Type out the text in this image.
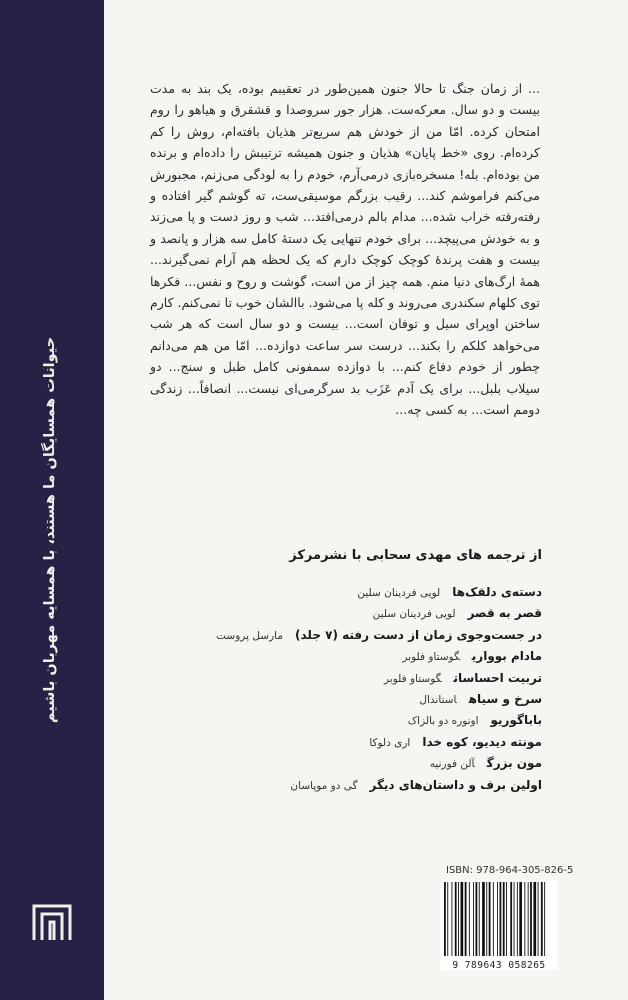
حیوانات همسایگان ما هستند، با همسایه مهربان باشیم

... از زمان جنگ تا حالا جنون همین‌طور در تعقیبم بوده، یک بند به مدت بیست و دو سال. معرکه‌ست. هزار جور سروصدا و قشقرق و هیاهو را روم امتحان کرده. امّا من از خودش هم سریع‌تر هذیان بافته‌ام، روش را کم کرده‌ام. روی «خط پایان» هذیان و جنون همیشه ترتیبش را داده‌ام و برنده من بوده‌ام. بله! مسخره‌بازی درمی‌آرم، خودم را به لودگی می‌زنم، مجبورش می‌کنم فراموشم کند... رقیب بزرگم موسیقی‌ست، ته گوشم گیر افتاده و رفته‌رفته خراب شده... مدام بالم درمی‌افتد... شب و روز دست و پا می‌زند و به خودش می‌پیچد... برای خودم تنهایی یک دستهٔ کامل سه هزار و پانصد و بیست و هفت پرندهٔ کوچک کوچک دارم که یک لحظه هم آرام نمی‌گیرند... همهٔ ارگ‌های دنیا منم. همه چیز از من است، گوشت و روح و نفس... فکرها توی کلهام سکندری می‌روند و کله پا می‌شود. باالشان خوب تا نمی‌کنم. کارم ساختن اوپرای سیل و توفان است... بیست و دو سال است که هر شب می‌خواهد کلکم را بکند... درست سر ساعت دوازده... امّا من هم می‌دانم چطور از خودم دفاع کنم... با دوازده سمفونی کامل طبل و سنج... دو سیلاب بلبل... برای یک آدم عَزَب بد سرگرمی‌ای نیست... انصافاً... زندگی دومم است... به کسی چه...

از ترجمه های مهدی سحابی با نشرمرکز
دسته‌ی دلقک‌هالویی فردینان سلین
قصر به قصرلویی فردینان سلین
در جست‌وجوی زمان از دست رفته (۷ جلد)مارسل پروست
مادام بوواریگوستاو فلوبر
تربیت احساساتگوستاو فلوبر
سرخ و سیاهاستاندال
باباگوریواونوره دو بالزاک
مونته دیدیو، کوه خدااری دلوکا
مون بزرگآلن فورنیه
اولین برف و داستان‌های دیگرگی دو موپاسان
ISBN: 978-964-305-826-5
9 789643 058265
